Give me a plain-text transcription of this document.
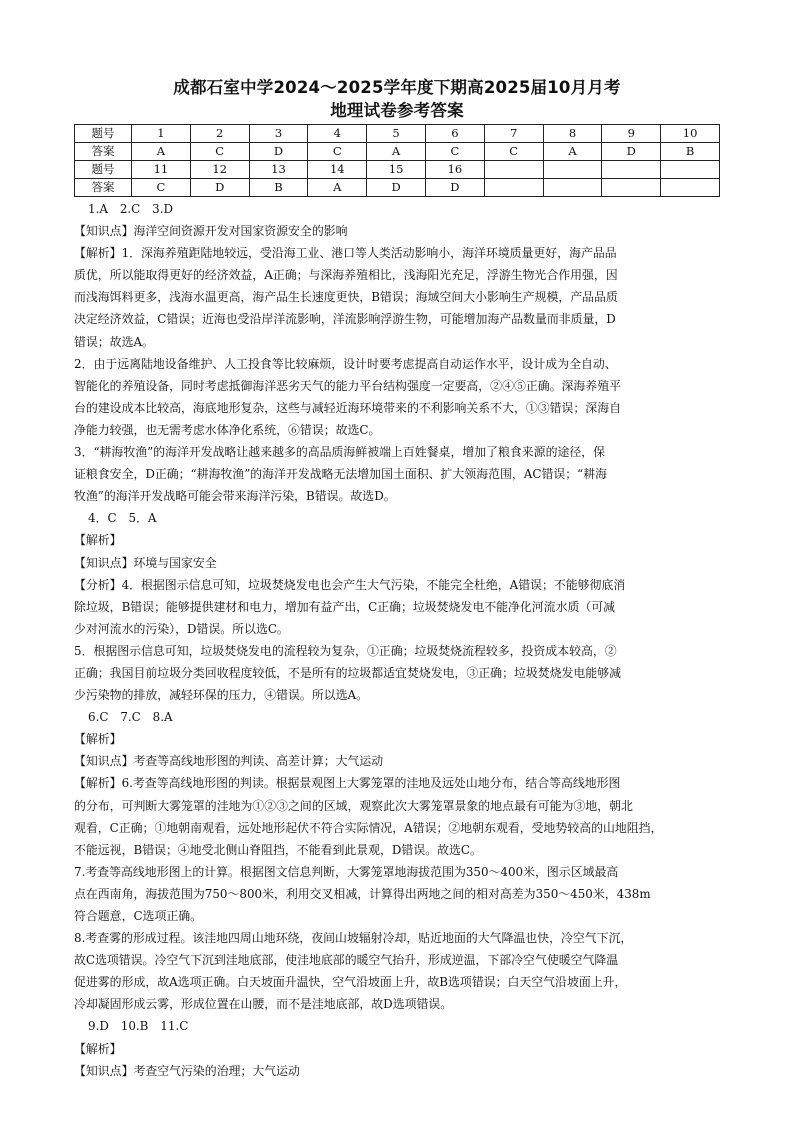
成都石室中学2024～2025学年度下期高2025届10月月考
地理试卷参考答案
题号	1	2	3	4	5	6	7	8	9	10
答案	A	C	D	C	A	C	C	A	D	B
题号	11	12	13	14	15	16				
答案	C	D	B	A	D	D				

1.A　2.C　3.D

【知识点】海洋空间资源开发对国家资源安全的影响

【解析】1．深海养殖距陆地较远，受沿海工业、港口等人类活动影响小，海洋环境质量更好，海产品品

质优，所以能取得更好的经济效益，A正确；与深海养殖相比，浅海阳光充足，浮游生物光合作用强，因

而浅海饵料更多，浅海水温更高，海产品生长速度更快，B错误；海域空间大小影响生产规模，产品品质

决定经济效益，C错误；近海也受沿岸洋流影响，洋流影响浮游生物，可能增加海产品数量而非质量，D

错误；故选A。

2．由于远离陆地设备维护、人工投食等比较麻烦，设计时要考虑提高自动运作水平，设计成为全自动、

智能化的养殖设备，同时考虑抵御海洋恶劣天气的能力平台结构强度一定要高，②④⑤正确。深海养殖平

台的建设成本比较高，海底地形复杂，这些与减轻近海环境带来的不利影响关系不大，①③错误；深海自

净能力较强，也无需考虑水体净化系统，⑥错误；故选C。

3．“耕海牧渔”的海洋开发战略让越来越多的高品质海鲜被端上百姓餐桌，增加了粮食来源的途径，保

证粮食安全，D正确；“耕海牧渔”的海洋开发战略无法增加国土面积、扩大领海范围，AC错误；“耕海

牧渔”的海洋开发战略可能会带来海洋污染，B错误。故选D。

4．C　5．A

【解析】

【知识点】环境与国家安全

【分析】4．根据图示信息可知，垃圾焚烧发电也会产生大气污染，不能完全杜绝，A错误；不能够彻底消

除垃圾，B错误；能够提供建材和电力，增加有益产出，C正确；垃圾焚烧发电不能净化河流水质（可减

少对河流水的污染），D错误。所以选C。

5．根据图示信息可知，垃圾焚烧发电的流程较为复杂，①正确；垃圾焚烧流程较多，投资成本较高，②

正确；我国目前垃圾分类回收程度较低，不是所有的垃圾都适宜焚烧发电，③正确；垃圾焚烧发电能够减

少污染物的排放，减轻环保的压力，④错误。所以选A。

6.C　7.C　8.A

【解析】

【知识点】考查等高线地形图的判读、高差计算；大气运动

【解析】6.考查等高线地形图的判读。根据景观图上大雾笼罩的洼地及远处山地分布，结合等高线地形图

的分布，可判断大雾笼罩的洼地为①②③之间的区域，观察此次大雾笼罩景象的地点最有可能为③地，朝北

观看，C正确；①地朝南观看，远处地形起伏不符合实际情况，A错误；②地朝东观看，受地势较高的山地阻挡，

不能远视，B错误；④地受北侧山脊阻挡，不能看到此景观，D错误。故选C。

7.考查等高线地形图上的计算。根据图文信息判断，大雾笼罩地海拔范围为350～400米，图示区域最高

点在西南角，海拔范围为750～800米，利用交叉相减，计算得出两地之间的相对高差为350～450米，438m

符合题意，C选项正确。

8.考查雾的形成过程。该洼地四周山地环绕，夜间山坡辐射冷却，贴近地面的大气降温也快，冷空气下沉，

故C选项错误。冷空气下沉到洼地底部，使洼地底部的暖空气抬升，形成逆温，下部冷空气使暖空气降温

促进雾的形成，故A选项正确。白天坡面升温快，空气沿坡面上升，故B选项错误；白天空气沿坡面上升，

冷却凝固形成云雾，形成位置在山腰，而不是洼地底部，故D选项错误。

9.D　10.B　11.C

【解析】

【知识点】考查空气污染的治理；大气运动
